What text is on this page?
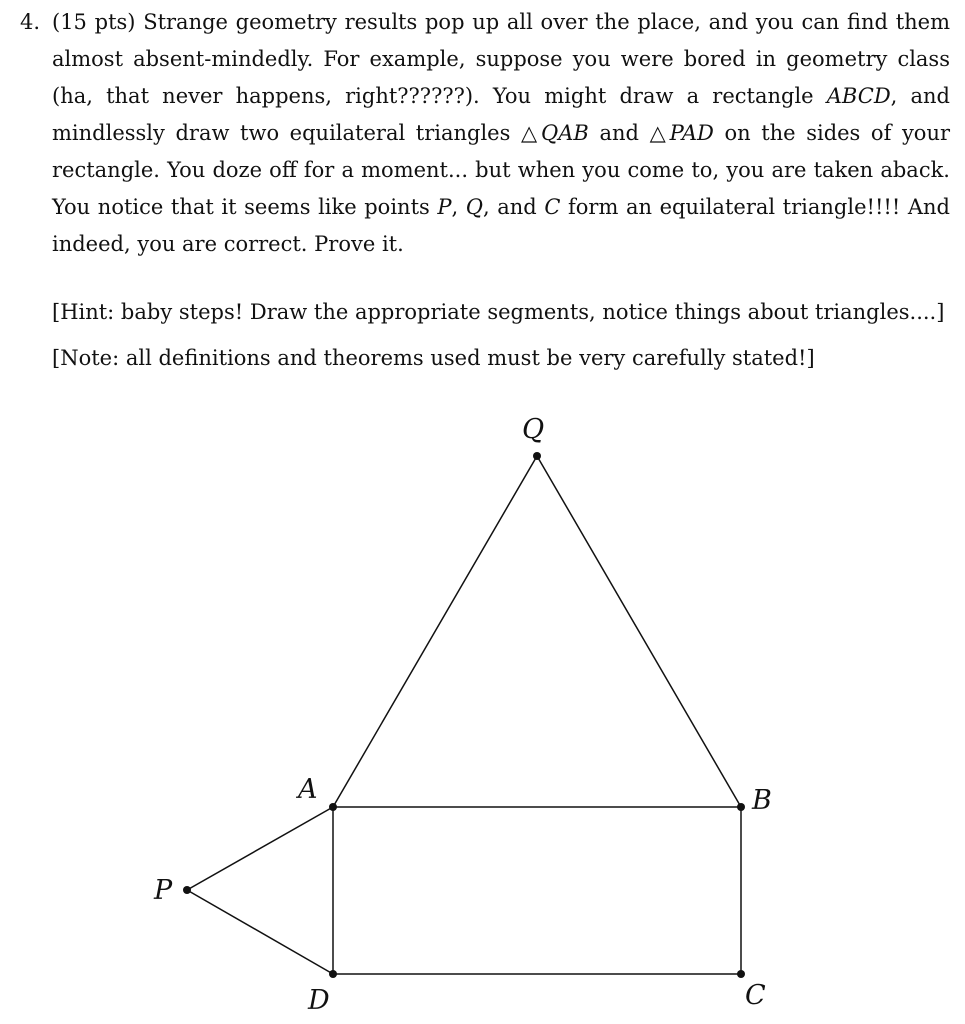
4. (15 pts) Strange geometry results pop up all over the place, and you can find them almost absent-mindedly. For example, suppose you were bored in geometry class (ha, that never happens, right??????). You might draw a rectangle ABCD, and mindlessly draw two equilateral triangles △QAB and △PAD on the sides of your rectangle. You doze off for a moment... but when you come to, you are taken aback. You notice that it seems like points P, Q, and C form an equilateral triangle!!!! And indeed, you are correct. Prove it.
[Hint: baby steps! Draw the appropriate segments, notice things about triangles....]
[Note: all definitions and theorems used must be very carefully stated!]
Q
A	B
C
D
P
